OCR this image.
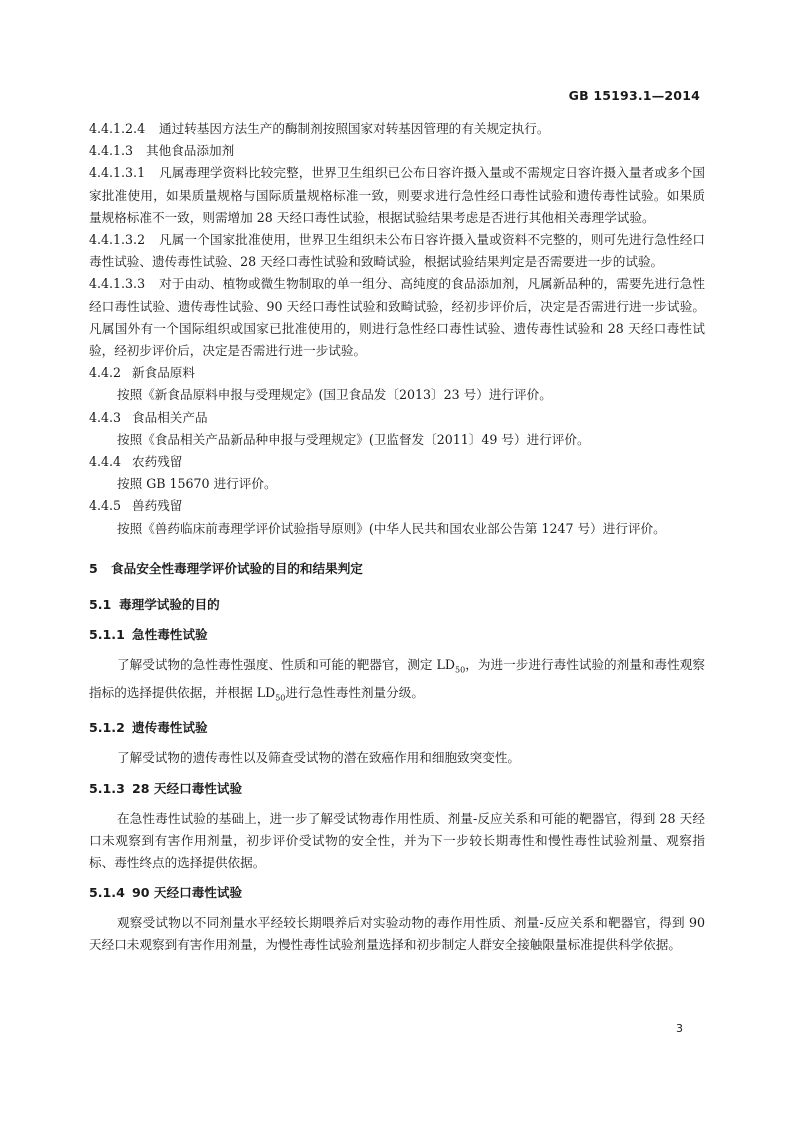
GB 15193.1—2014

4.4.1.2.4 通过转基因方法生产的酶制剂按照国家对转基因管理的有关规定执行。

4.4.1.3 其他食品添加剂

4.4.1.3.1 凡属毒理学资料比较完整，世界卫生组织已公布日容许摄入量或不需规定日容许摄入量者或多个国家批准使用，如果质量规格与国际质量规格标准一致，则要求进行急性经口毒性试验和遗传毒性试验。如果质量规格标准不一致，则需增加 28 天经口毒性试验，根据试验结果考虑是否进行其他相关毒理学试验。

4.4.1.3.2 凡属一个国家批准使用，世界卫生组织未公布日容许摄入量或资料不完整的，则可先进行急性经口毒性试验、遗传毒性试验、28 天经口毒性试验和致畸试验，根据试验结果判定是否需要进一步的试验。

4.4.1.3.3 对于由动、植物或微生物制取的单一组分、高纯度的食品添加剂，凡属新品种的，需要先进行急性经口毒性试验、遗传毒性试验、90 天经口毒性试验和致畸试验，经初步评价后，决定是否需进行进一步试验。凡属国外有一个国际组织或国家已批准使用的，则进行急性经口毒性试验、遗传毒性试验和 28 天经口毒性试验，经初步评价后，决定是否需进行进一步试验。

4.4.2 新食品原料

按照《新食品原料申报与受理规定》(国卫食品发〔2013〕23 号）进行评价。

4.4.3 食品相关产品

按照《食品相关产品新品种申报与受理规定》(卫监督发〔2011〕49 号）进行评价。

4.4.4 农药残留

按照 GB 15670 进行评价。

4.4.5 兽药残留

按照《兽药临床前毒理学评价试验指导原则》(中华人民共和国农业部公告第 1247 号）进行评价。

5 食品安全性毒理学评价试验的目的和结果判定

5.1 毒理学试验的目的

5.1.1 急性毒性试验

了解受试物的急性毒性强度、性质和可能的靶器官，测定 $LD_{50}$，为进一步进行毒性试验的剂量和毒性观察指标的选择提供依据，并根据 $LD_{50}$进行急性毒性剂量分级。

5.1.2 遗传毒性试验

了解受试物的遗传毒性以及筛查受试物的潜在致癌作用和细胞致突变性。

5.1.3 28 天经口毒性试验

在急性毒性试验的基础上，进一步了解受试物毒作用性质、剂量-反应关系和可能的靶器官，得到 28 天经口未观察到有害作用剂量，初步评价受试物的安全性，并为下一步较长期毒性和慢性毒性试验剂量、观察指标、毒性终点的选择提供依据。

5.1.4 90 天经口毒性试验

观察受试物以不同剂量水平经较长期喂养后对实验动物的毒作用性质、剂量-反应关系和靶器官，得到 90 天经口未观察到有害作用剂量，为慢性毒性试验剂量选择和初步制定人群安全接触限量标准提供科学依据。

3
